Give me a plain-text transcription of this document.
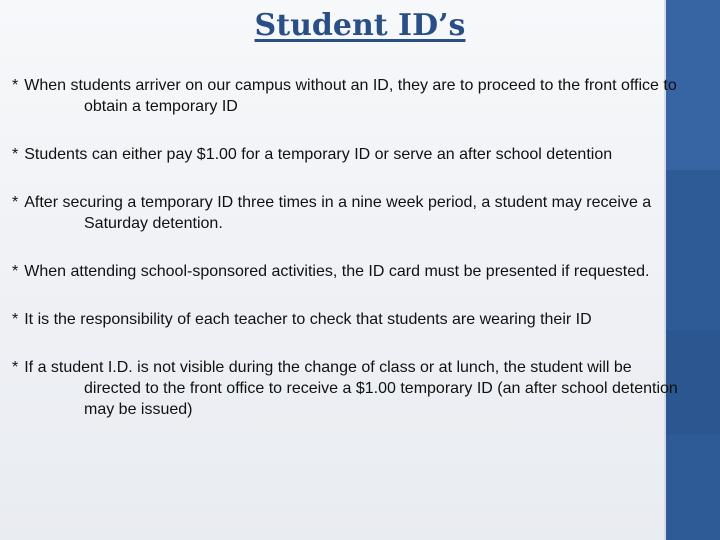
Student ID’s
* When students arriver on our campus without an ID, they are to proceed to the front office to obtain a temporary ID
* Students can either pay $1.00 for a temporary ID or serve an after school detention
* After securing a temporary ID three times in a nine week period, a student may receive a Saturday detention.
* When attending school-sponsored activities, the ID card must be presented if requested.
* It is the responsibility of each teacher to check that students are wearing their ID
* If a student I.D. is not visible during the change of class or at lunch, the student will be directed to the front office to receive a $1.00 temporary ID (an after school detention may be issued)
